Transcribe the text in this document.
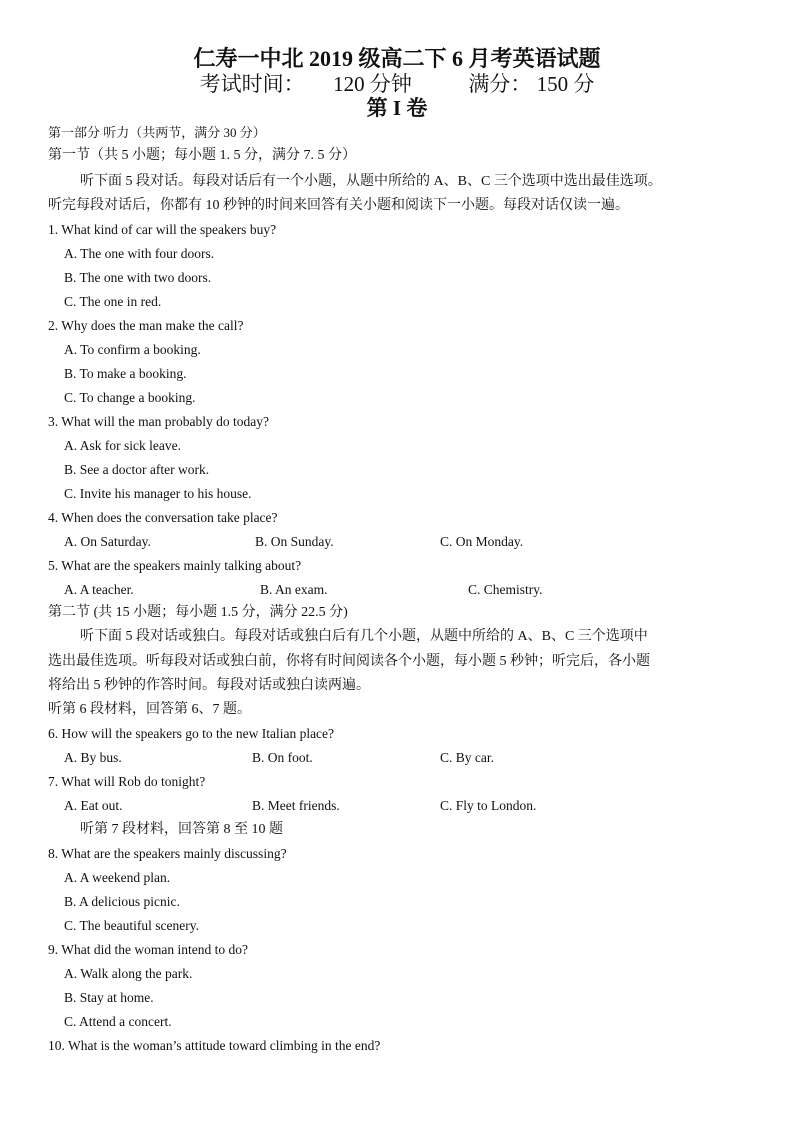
仁寿一中北 2019 级高二下 6 月考英语试题
考试时间： 120 分钟	满分： 150 分
第 I 卷
第一部分 听力（共两节，满分 30 分）
第一节（共 5 小题；每小题 1. 5 分，满分 7. 5 分）
听下面 5 段对话。每段对话后有一个小题，从题中所给的 A、B、C 三个选项中选出最佳选项。
听完每段对话后，你都有 10 秒钟的时间来回答有关小题和阅读下一小题。每段对话仅读一遍。
1. What kind of car will the speakers buy?
A. The one with four doors.
B. The one with two doors.
C. The one in red.
2. Why does the man make the call?
A. To confirm a booking.
B. To make a booking.
C. To change a booking.
3. What will the man probably do today?
A. Ask for sick leave.
B. See a doctor after work.
C. Invite his manager to his house.
4. When does the conversation take place?
A. On Saturday.	B. On Sunday.	C. On Monday.
5. What are the speakers mainly talking about?
A. A teacher.	B. An exam.	C. Chemistry.
第二节 (共 15 小题；每小题 1.5 分，满分 22.5 分)
听下面 5 段对话或独白。每段对话或独白后有几个小题，从题中所给的 A、B、C 三个选项中
选出最佳选项。听每段对话或独白前，你将有时间阅读各个小题，每小题 5 秒钟；听完后，各小题
将给出 5 秒钟的作答时间。每段对话或独白读两遍。
听第 6 段材料，回答第 6、7 题。
6. How will the speakers go to the new Italian place?
A. By bus.	B. On foot.	C. By car.
7. What will Rob do tonight?
A. Eat out.	B. Meet friends.	C. Fly to London.
听第 7 段材料，回答第 8 至 10 题
8. What are the speakers mainly discussing?
A. A weekend plan.
B. A delicious picnic.
C. The beautiful scenery.
9. What did the woman intend to do?
A. Walk along the park.
B. Stay at home.
C. Attend a concert.
10. What is the woman’s attitude toward climbing in the end?
